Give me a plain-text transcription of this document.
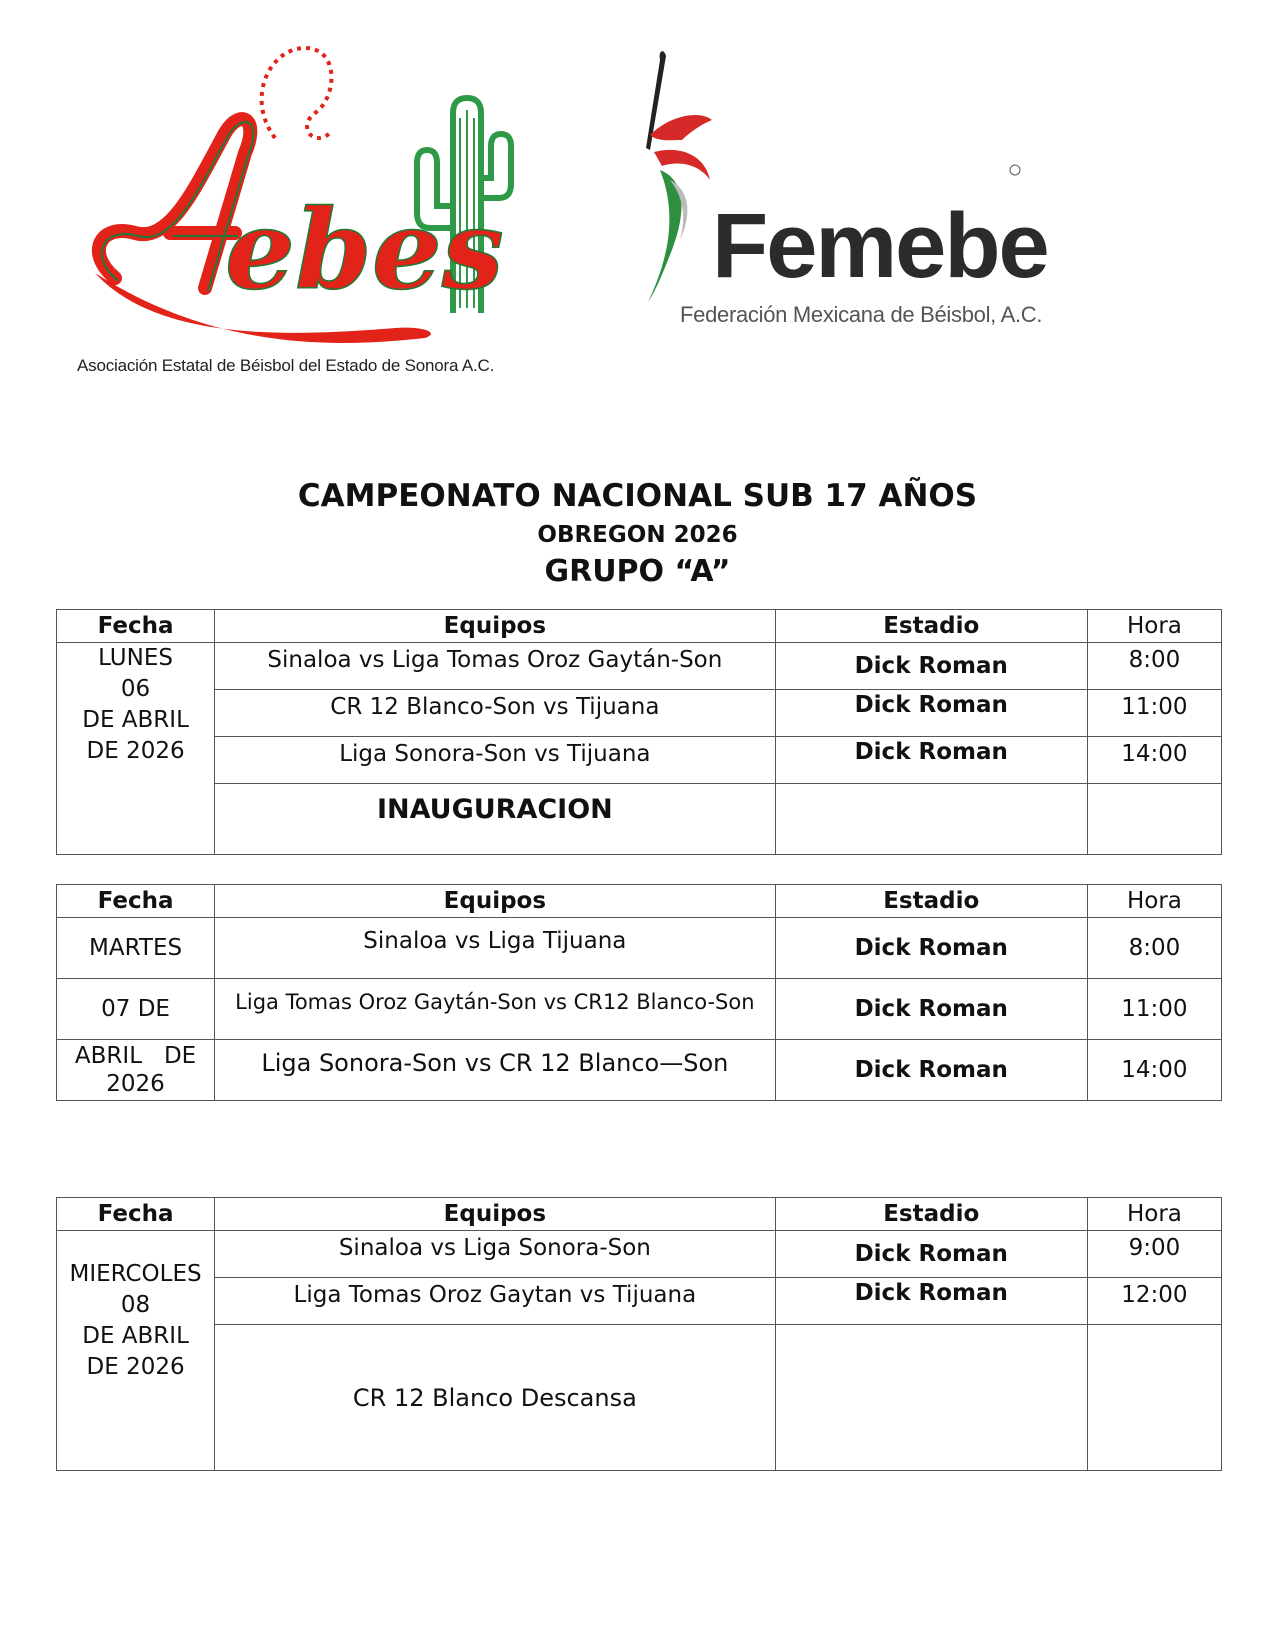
ebes
Asociación Estatal de Béisbol del Estado de Sonora A.C.
Femebe
Federación Mexicana de Béisbol, A.C.
CAMPEONATO NACIONAL SUB 17 AÑOS
OBREGON 2026
GRUPO “A”
Fecha	Equipos	Estadio	Hora

LUNES
06
DE ABRIL
DE 2026	Sinaloa vs Liga Tomas Oroz Gaytán-Son	Dick Roman	8:00
	CR 12 Blanco-Son vs Tijuana	Dick Roman	11:00
	Liga Sonora-Son vs Tijuana	Dick Roman	14:00
	INAUGURACION		
Fecha	Equipos	Estadio	Hora
MARTES	Sinaloa vs Liga Tijuana	Dick Roman	8:00
07 DE	Liga Tomas Oroz Gaytán-Son vs CR12 Blanco-Son	Dick Roman	11:00

ABRIL   DE
2026	Liga Sonora-Son vs CR 12 Blanco—Son	Dick Roman	14:00
Fecha	Equipos	Estadio	Hora

MIERCOLES
08
DE ABRIL
DE 2026	Sinaloa vs Liga Sonora-Son	Dick Roman	9:00
	Liga Tomas Oroz Gaytan vs Tijuana	Dick Roman	12:00
	CR 12 Blanco Descansa		
